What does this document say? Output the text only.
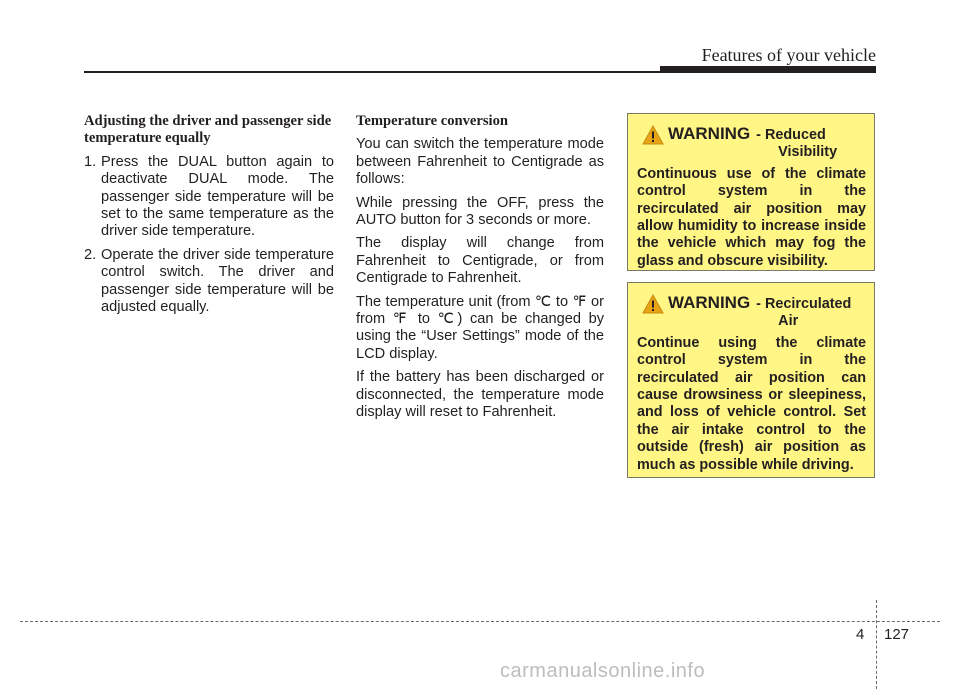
Features of your vehicle
Adjusting the driver and passenger side temperature equally
1. Press the DUAL button again to deactivate DUAL mode. The passenger side temperature will be set to the same temperature as the driver side temperature.
2. Operate the driver side temperature control switch. The driver and passenger side temperature will be adjusted equally.
Temperature conversion

You can switch the temperature mode between Fahrenheit to Centigrade as follows:

While pressing the OFF, press the AUTO button for 3 seconds or more.

The display will change from Fahrenheit to Centigrade, or from Centigrade to Fahrenheit.

The temperature unit (from ℃ to ℉ or from ℉ to ℃) can be changed by using the “User Settings” mode of the LCD display.

If the battery has been discharged or disconnected, the temperature mode display will reset to Fahrenheit.

WARNING - Reduced
Visibility
Continuous use of the climate control system in the recirculated air position may allow humidity to increase inside the vehicle which may fog the glass and obscure visibility.
WARNING - Recirculated
Air
Continue using the climate control system in the recirculated air position can cause drowsiness or sleepiness, and loss of vehicle control. Set the air intake control to the outside (fresh) air position as much as possible while driving.
4 127
carmanualsonline.info
